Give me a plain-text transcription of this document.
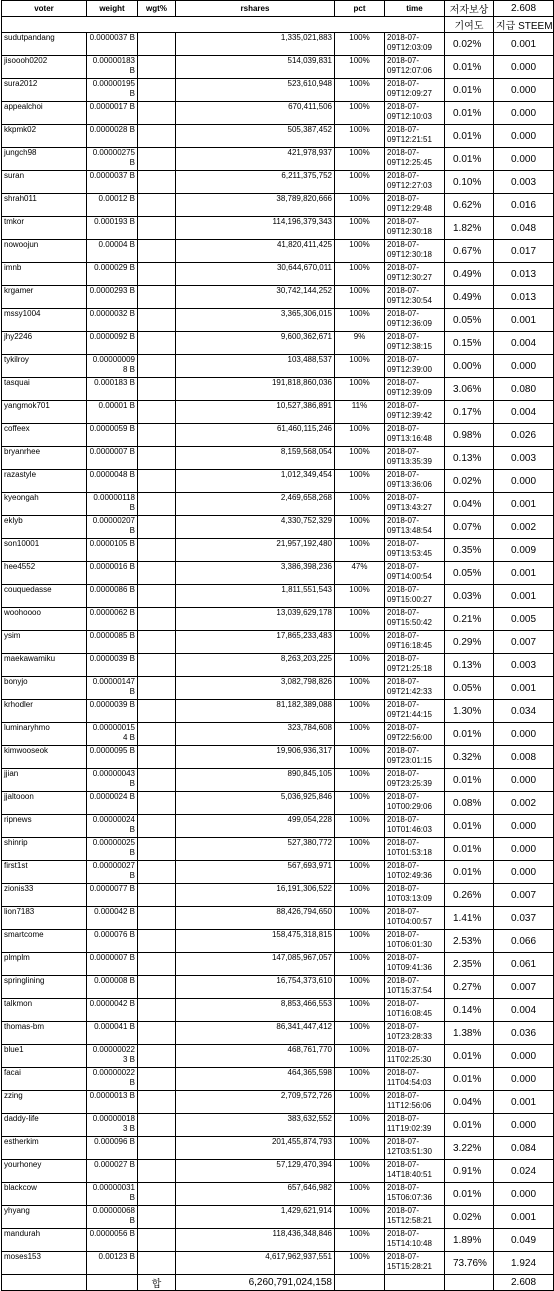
voter	weight	wgt%	rshares	pct	time	저자보상	2.608
						기여도	지급 STEEM
sudutpandang	0.0000037 B		1,335,021,883	100%	2018-07-09T12:03:09	0.02%	0.001
jisoooh0202	0.00000183 B		514,039,831	100%	2018-07-09T12:07:06	0.01%	0.000
sura2012	0.00000195 B		523,610,948	100%	2018-07-09T12:09:27	0.01%	0.000
appealchoi	0.0000017 B		670,411,506	100%	2018-07-09T12:10:03	0.01%	0.000
kkpmk02	0.0000028 B		505,387,452	100%	2018-07-09T12:21:51	0.01%	0.000
jungch98	0.00000275 B		421,978,937	100%	2018-07-09T12:25:45	0.01%	0.000
suran	0.0000037 B		6,211,375,752	100%	2018-07-09T12:27:03	0.10%	0.003
shrah011	0.00012 B		38,789,820,666	100%	2018-07-09T12:29:48	0.62%	0.016
tmkor	0.000193 B		114,196,379,343	100%	2018-07-09T12:30:18	1.82%	0.048
nowoojun	0.00004 B		41,820,411,425	100%	2018-07-09T12:30:18	0.67%	0.017
imnb	0.000029 B		30,644,670,011	100%	2018-07-09T12:30:27	0.49%	0.013
krgamer	0.0000293 B		30,742,144,252	100%	2018-07-09T12:30:54	0.49%	0.013
mssy1004	0.0000032 B		3,365,306,015	100%	2018-07-09T12:36:09	0.05%	0.001
jhy2246	0.0000092 B		9,600,362,671	9%	2018-07-09T12:38:15	0.15%	0.004
tykilroy	0.000000098 B		103,488,537	100%	2018-07-09T12:39:00	0.00%	0.000
tasquai	0.000183 B		191,818,860,036	100%	2018-07-09T12:39:09	3.06%	0.080
yangmok701	0.00001 B		10,527,386,891	11%	2018-07-09T12:39:42	0.17%	0.004
coffeex	0.0000059 B		61,460,115,246	100%	2018-07-09T13:16:48	0.98%	0.026
bryanrhee	0.0000007 B		8,159,568,054	100%	2018-07-09T13:35:39	0.13%	0.003
razastyle	0.0000048 B		1,012,349,454	100%	2018-07-09T13:36:06	0.02%	0.000
kyeongah	0.00000118 B		2,469,658,268	100%	2018-07-09T13:43:27	0.04%	0.001
eklyb	0.00000207 B		4,330,752,329	100%	2018-07-09T13:48:54	0.07%	0.002
son10001	0.0000105 B		21,957,192,480	100%	2018-07-09T13:53:45	0.35%	0.009
hee4552	0.0000016 B		3,386,398,236	47%	2018-07-09T14:00:54	0.05%	0.001
couquedasse	0.0000086 B		1,811,551,543	100%	2018-07-09T15:00:27	0.03%	0.001
woohoooo	0.0000062 B		13,039,629,178	100%	2018-07-09T15:50:42	0.21%	0.005
ysim	0.0000085 B		17,865,233,483	100%	2018-07-09T16:18:45	0.29%	0.007
maekawamiku	0.0000039 B		8,263,203,225	100%	2018-07-09T21:25:18	0.13%	0.003
bonyjo	0.00000147 B		3,082,798,826	100%	2018-07-09T21:42:33	0.05%	0.001
krhodler	0.0000039 B		81,182,389,088	100%	2018-07-09T21:44:15	1.30%	0.034
luminaryhmo	0.000000154 B		323,784,608	100%	2018-07-09T22:56:00	0.01%	0.000
kimwooseok	0.0000095 B		19,906,936,317	100%	2018-07-09T23:01:15	0.32%	0.008
jjian	0.00000043 B		890,845,105	100%	2018-07-09T23:25:39	0.01%	0.000
jjaltooon	0.0000024 B		5,036,925,846	100%	2018-07-10T00:29:06	0.08%	0.002
ripnews	0.00000024 B		499,054,228	100%	2018-07-10T01:46:03	0.01%	0.000
shinrip	0.00000025 B		527,380,772	100%	2018-07-10T01:53:18	0.01%	0.000
first1st	0.00000027 B		567,693,971	100%	2018-07-10T02:49:36	0.01%	0.000
zionis33	0.0000077 B		16,191,306,522	100%	2018-07-10T03:13:09	0.26%	0.007
lion7183	0.000042 B		88,426,794,650	100%	2018-07-10T04:00:57	1.41%	0.037
smartcome	0.000076 B		158,475,318,815	100%	2018-07-10T06:01:30	2.53%	0.066
plmplm	0.0000007 B		147,085,967,057	100%	2018-07-10T09:41:36	2.35%	0.061
springlining	0.000008 B		16,754,373,610	100%	2018-07-10T15:37:54	0.27%	0.007
talkmon	0.0000042 B		8,853,466,553	100%	2018-07-10T16:08:45	0.14%	0.004
thomas-bm	0.000041 B		86,341,447,412	100%	2018-07-10T23:28:33	1.38%	0.036
blue1	0.000000223 B		468,761,770	100%	2018-07-11T02:25:30	0.01%	0.000
facai	0.00000022 B		464,365,598	100%	2018-07-11T04:54:03	0.01%	0.000
zzing	0.0000013 B		2,709,572,726	100%	2018-07-11T12:56:06	0.04%	0.001
daddy-life	0.000000183 B		383,632,552	100%	2018-07-11T19:02:39	0.01%	0.000
estherkim	0.000096 B		201,455,874,793	100%	2018-07-12T03:51:30	3.22%	0.084
yourhoney	0.000027 B		57,129,470,394	100%	2018-07-14T18:40:51	0.91%	0.024
blackcow	0.00000031 B		657,646,982	100%	2018-07-15T06:07:36	0.01%	0.000
yhyang	0.00000068 B		1,429,621,914	100%	2018-07-15T12:58:21	0.02%	0.001
mandurah	0.0000056 B		118,436,348,846	100%	2018-07-15T14:10:48	1.89%	0.049
moses153	0.00123 B		4,617,962,937,551	100%	2018-07-15T15:28:21	73.76%	1.924
		합	6,260,791,024,158				2.608
